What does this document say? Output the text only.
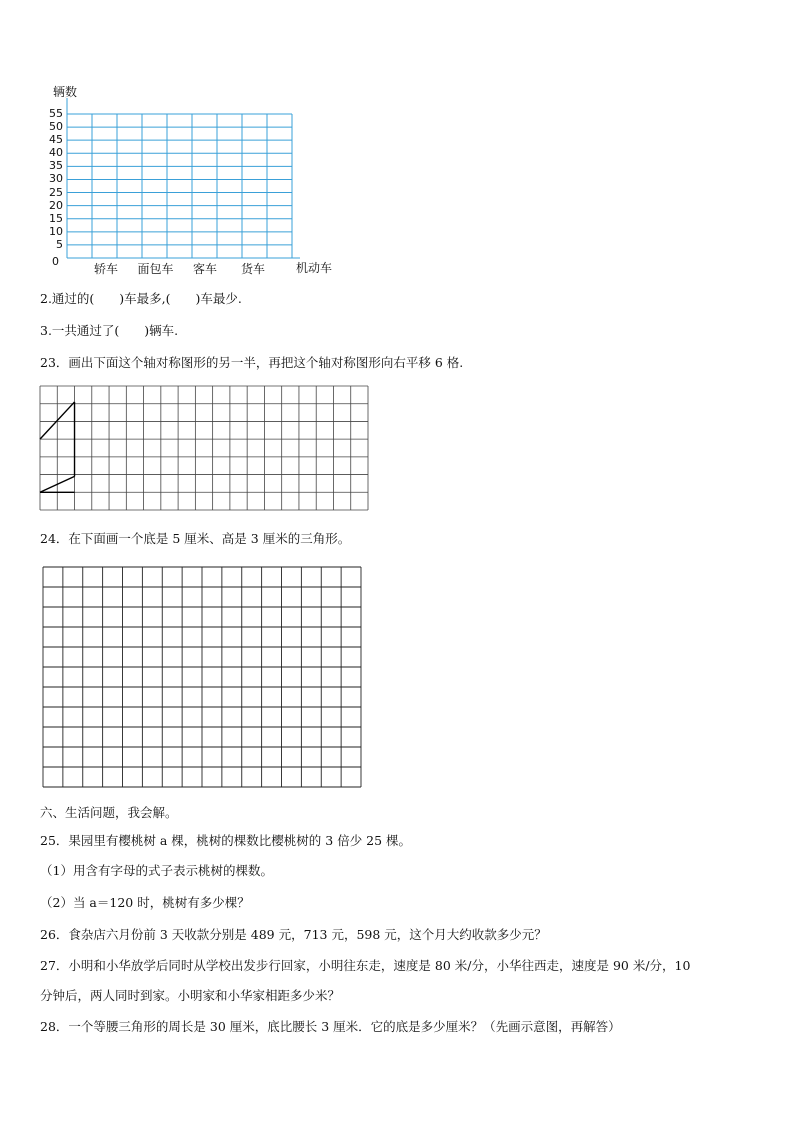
辆数
0
5
10
15
20
25
30
35
40
45
50
55
轿车 面包车 客车 货车	机动车
2.通过的(　　)车最多,(　　)车最少.
3.一共通过了(　　)辆车.
23．画出下面这个轴对称图形的另一半，再把这个轴对称图形向右平移 6 格.
24．在下面画一个底是 5 厘米、高是 3 厘米的三角形。
六、生活问题，我会解。
25．果园里有樱桃树 a 棵，桃树的棵数比樱桃树的 3 倍少 25 棵。
（1）用含有字母的式子表示桃树的棵数。
（2）当 a＝120 时，桃树有多少棵？
26．食杂店六月份前 3 天收款分别是 489 元，713 元，598 元，这个月大约收款多少元？
27．小明和小华放学后同时从学校出发步行回家，小明往东走，速度是 80 米/分，小华往西走，速度是 90 米/分，10
分钟后，两人同时到家。小明家和小华家相距多少米？
28．一个等腰三角形的周长是 30 厘米，底比腰长 3 厘米．它的底是多少厘米？（先画示意图，再解答）
